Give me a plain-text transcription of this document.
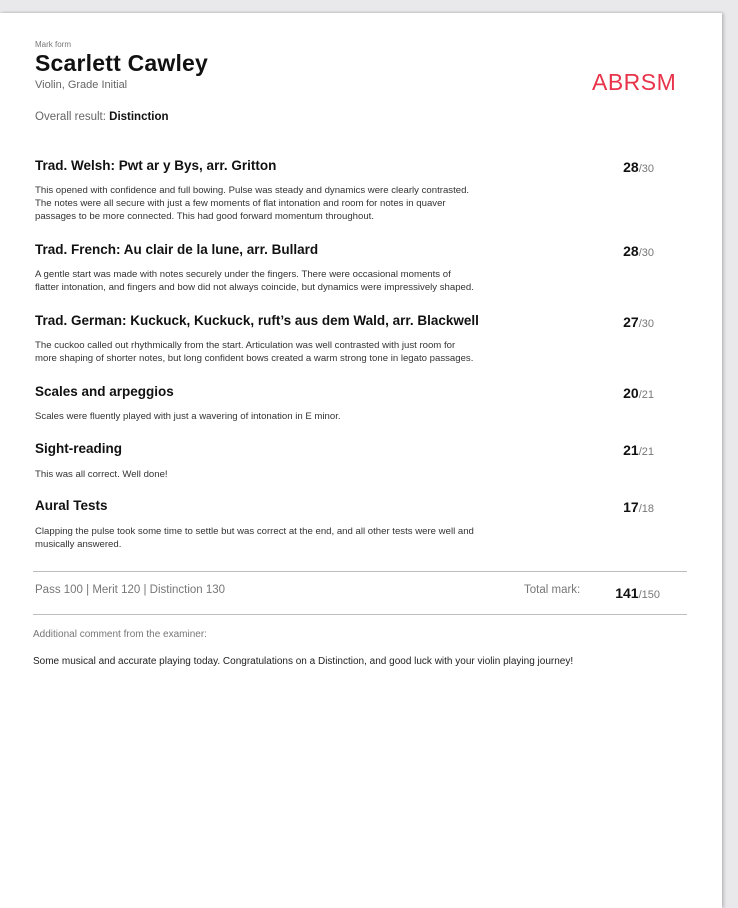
Mark form
Scarlett Cawley
Violin, Grade Initial	ABRSM
Overall result: Distinction
Trad. Welsh: Pwt ar y Bys, arr. Gritton	28/30
This opened with confidence and full bowing. Pulse was steady and dynamics were clearly contrasted.
The notes were all secure with just a few moments of flat intonation and room for notes in quaver
passages to be more connected. This had good forward momentum throughout.
Trad. French: Au clair de la lune, arr. Bullard	28/30
A gentle start was made with notes securely under the fingers. There were occasional moments of
flatter intonation, and fingers and bow did not always coincide, but dynamics were impressively shaped.
Trad. German: Kuckuck, Kuckuck, ruft’s aus dem Wald, arr. Blackwell	27/30
The cuckoo called out rhythmically from the start. Articulation was well contrasted with just room for
more shaping of shorter notes, but long confident bows created a warm strong tone in legato passages.
Scales and arpeggios	20/21
Scales were fluently played with just a wavering of intonation in E minor.
Sight-reading	21/21
This was all correct. Well done!
Aural Tests	17/18
Clapping the pulse took some time to settle but was correct at the end, and all other tests were well and
musically answered.
Pass 100 | Merit 120 | Distinction 130	Total mark: 141/150
Additional comment from the examiner:
Some musical and accurate playing today. Congratulations on a Distinction, and good luck with your violin playing journey!
